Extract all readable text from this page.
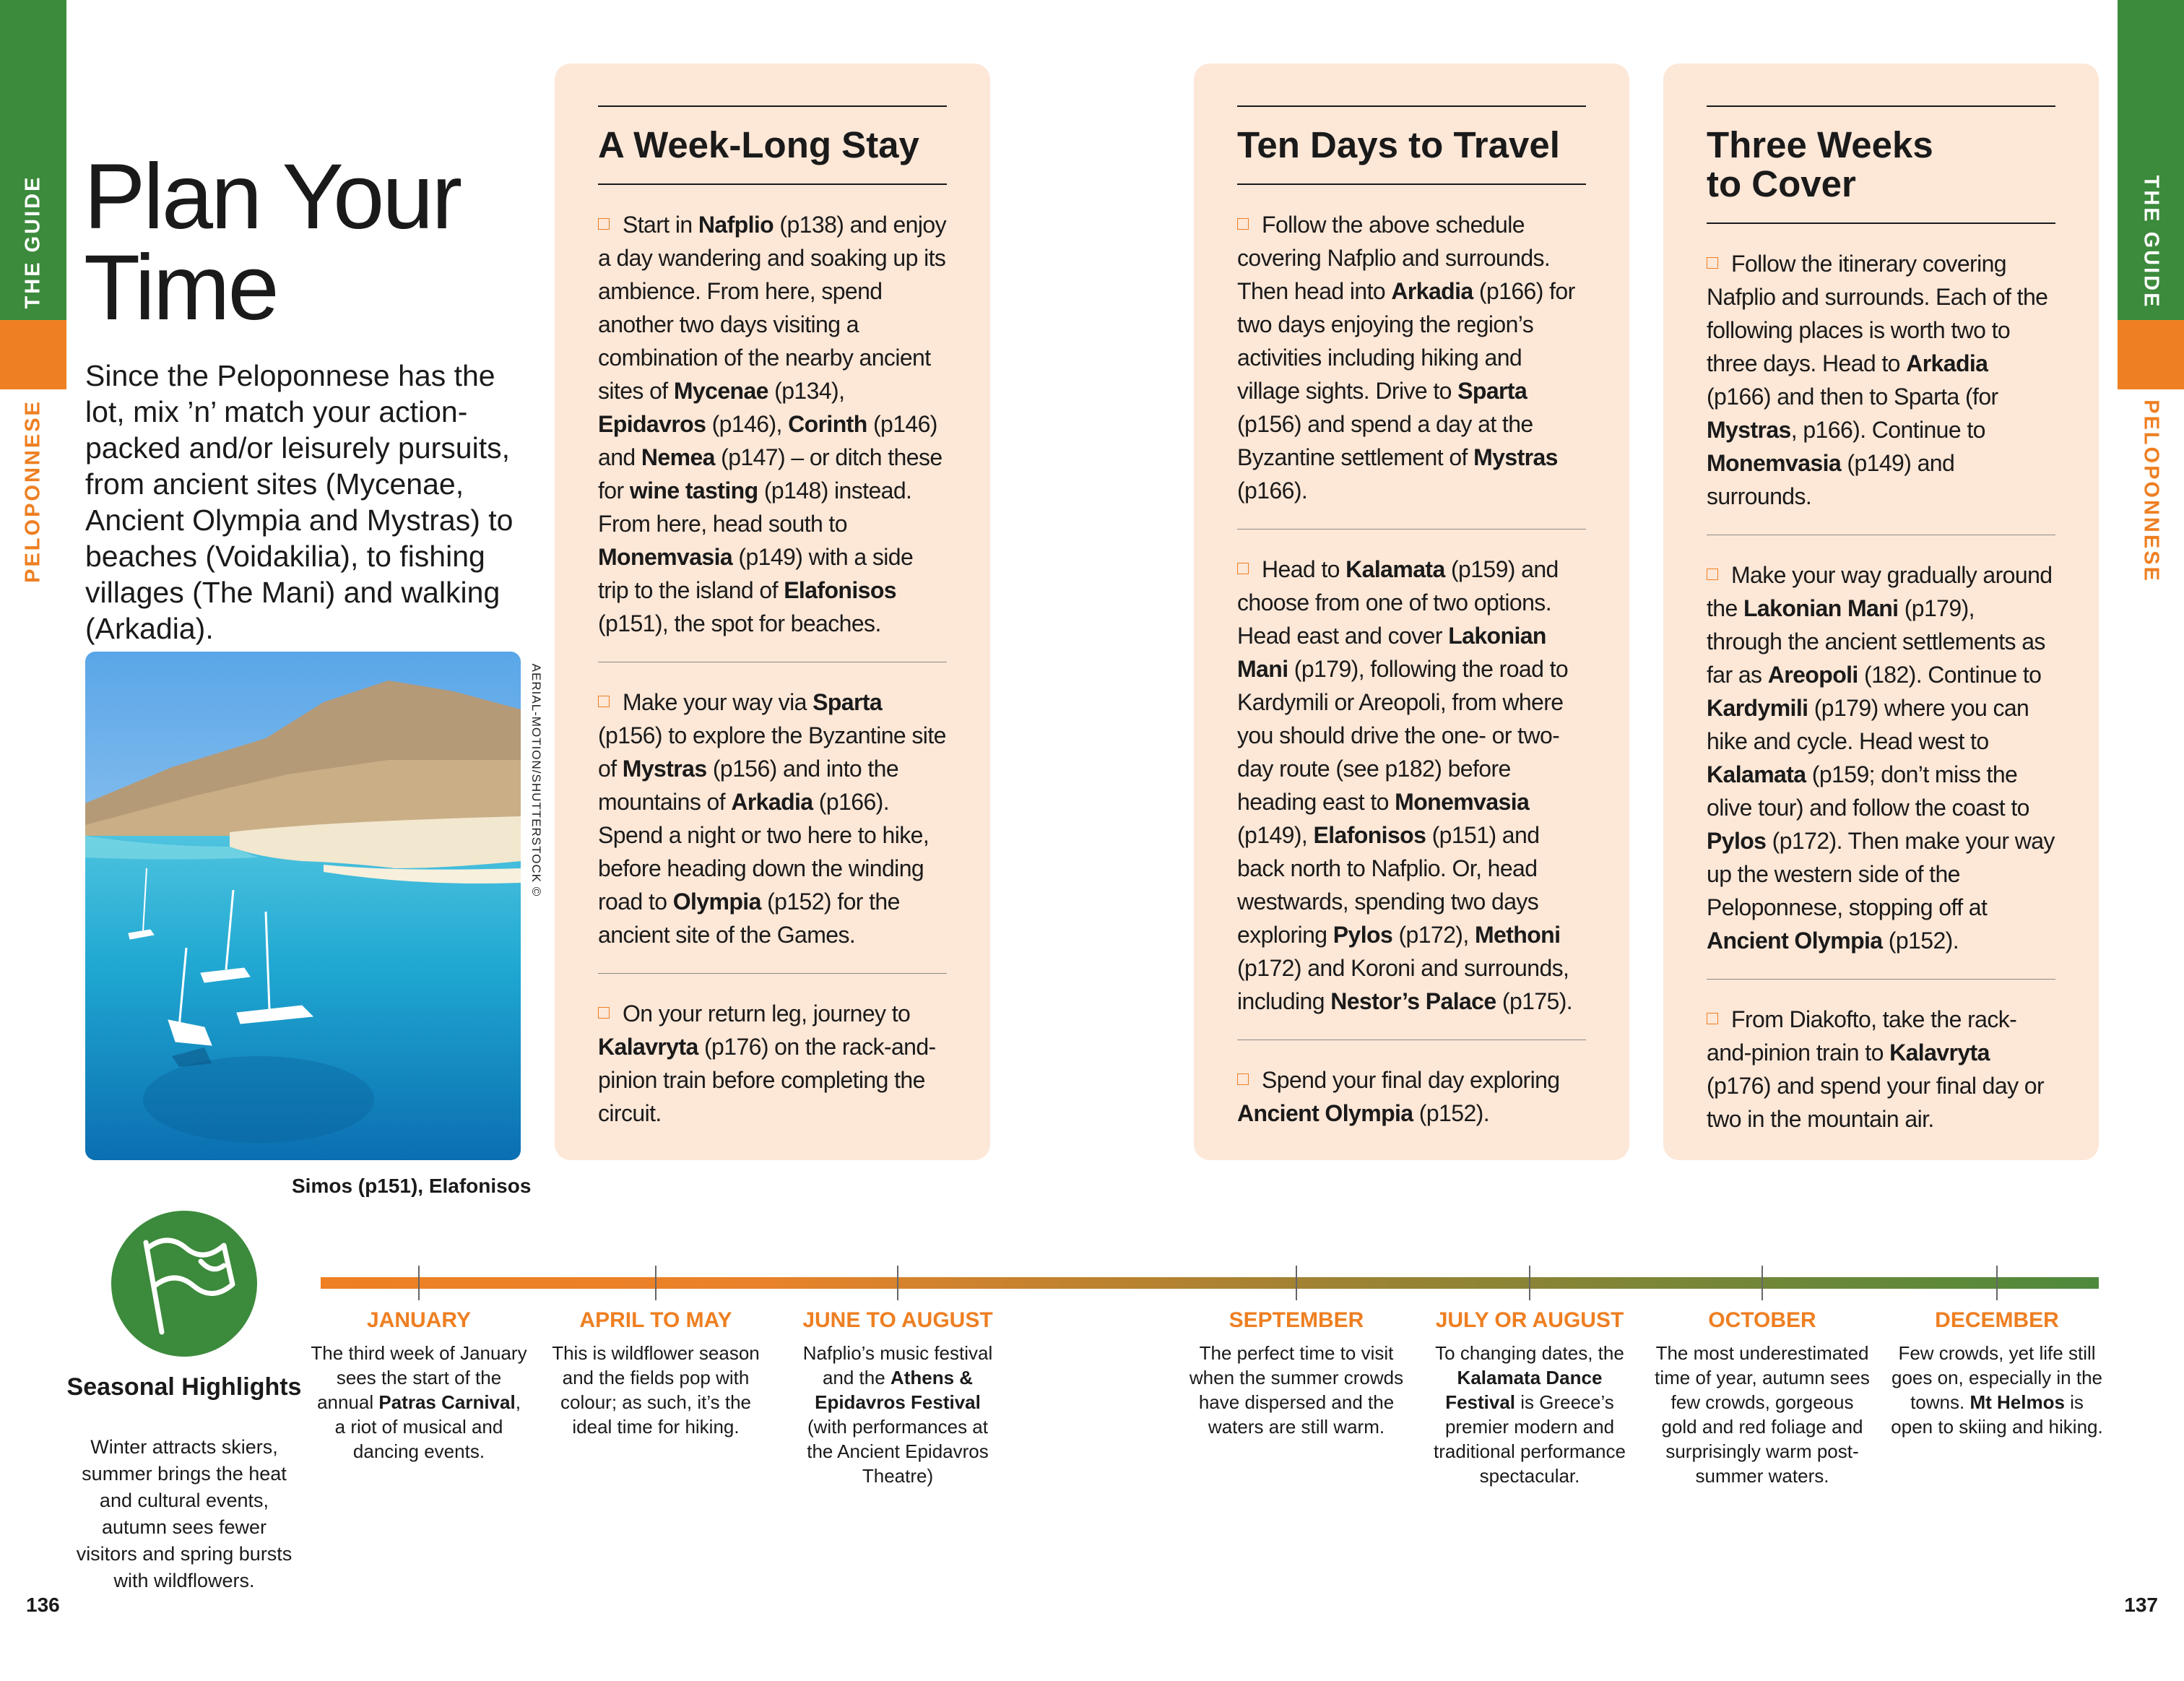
THE GUIDE
PELOPONNESE
THE GUIDE
PELOPONNESE
Plan Your Time

Since the Peloponnese has the lot, mix ’n’ match your action-packed and/or leisurely pursuits, from ancient sites (Mycenae, Ancient Olympia and Mystras) to beaches (Voidakilia), to fishing villages (The Mani) and walking (Arkadia).

AERIAL-MOTION/SHUTTERSTOCK ©
Simos (p151), Elafonisos
A Week-Long Stay
Start in Nafplio (p138) and enjoy a day wandering and soaking up its ambience. From here, spend another two days visiting a combination of the nearby ancient sites of Mycenae (p134), Epidavros (p146), Corinth (p146) and Nemea (p147) – or ditch these for wine tasting (p148) instead. From here, head south to Monemvasia (p149) with a side trip to the island of Elafonisos (p151), the spot for beaches.
Make your way via Sparta (p156) to explore the Byzantine site of Mystras (p156) and into the mountains of Arkadia (p166). Spend a night or two here to hike, before heading down the winding road to Olympia (p152) for the ancient site of the Games.
On your return leg, journey to Kalavryta (p176) on the rack-and-pinion train before completing the circuit.
Ten Days to Travel
Follow the above schedule covering Nafplio and surrounds. Then head into Arkadia (p166) for two days enjoying the region’s activities including hiking and village sights. Drive to Sparta (p156) and spend a day at the Byzantine settlement of Mystras (p166).
Head to Kalamata (p159) and choose from one of two options. Head east and cover Lakonian Mani (p179), following the road to Kardymili or Areopoli, from where you should drive the one- or two- day route (see p182) before heading east to Monemvasia (p149), Elafonisos (p151) and back north to Nafplio. Or, head westwards, spending two days exploring Pylos (p172), Methoni (p172) and Koroni and surrounds, including Nestor’s Palace (p175).
Spend your final day exploring Ancient Olympia (p152).
Three Weeks to Cover
Follow the itinerary covering Nafplio and surrounds. Each of the following places is worth two to three days. Head to Arkadia (p166) and then to Sparta (for Mystras, p166). Continue to Monemvasia (p149) and surrounds.
Make your way gradually around the Lakonian Mani (p179), through the ancient settlements as far as Areopoli (182). Continue to Kardymili (p179) where you can hike and cycle. Head west to Kalamata (p159; don’t miss the olive tour) and follow the coast to Pylos (p172). Then make your way up the western side of the Peloponnese, stopping off at Ancient Olympia (p152).
From Diakofto, take the rack-and-pinion train to Kalavryta (p176) and spend your final day or two in the mountain air.
Seasonal Highlights
Winter attracts skiers, summer brings the heat and cultural events, autumn sees fewer visitors and spring bursts with wildflowers.
JANUARY
The third week of January sees the start of the annual Patras Carnival, a riot of musical and dancing events.
APRIL TO MAY
This is wildflower season and the fields pop with colour; as such, it’s the ideal time for hiking.
JUNE TO AUGUST
Nafplio’s music festival and the Athens & Epidavros Festival (with performances at the Ancient Epidavros Theatre)
SEPTEMBER
The perfect time to visit when the summer crowds have dispersed and the waters are still warm.
JULY OR AUGUST
To changing dates, the Kalamata Dance Festival is Greece’s premier modern and traditional performance spectacular.
OCTOBER
The most underestimated time of year, autumn sees few crowds, gorgeous gold and red foliage and surprisingly warm post-summer waters.
DECEMBER
Few crowds, yet life still goes on, especially in the towns. Mt Helmos is open to skiing and hiking.
136	137
